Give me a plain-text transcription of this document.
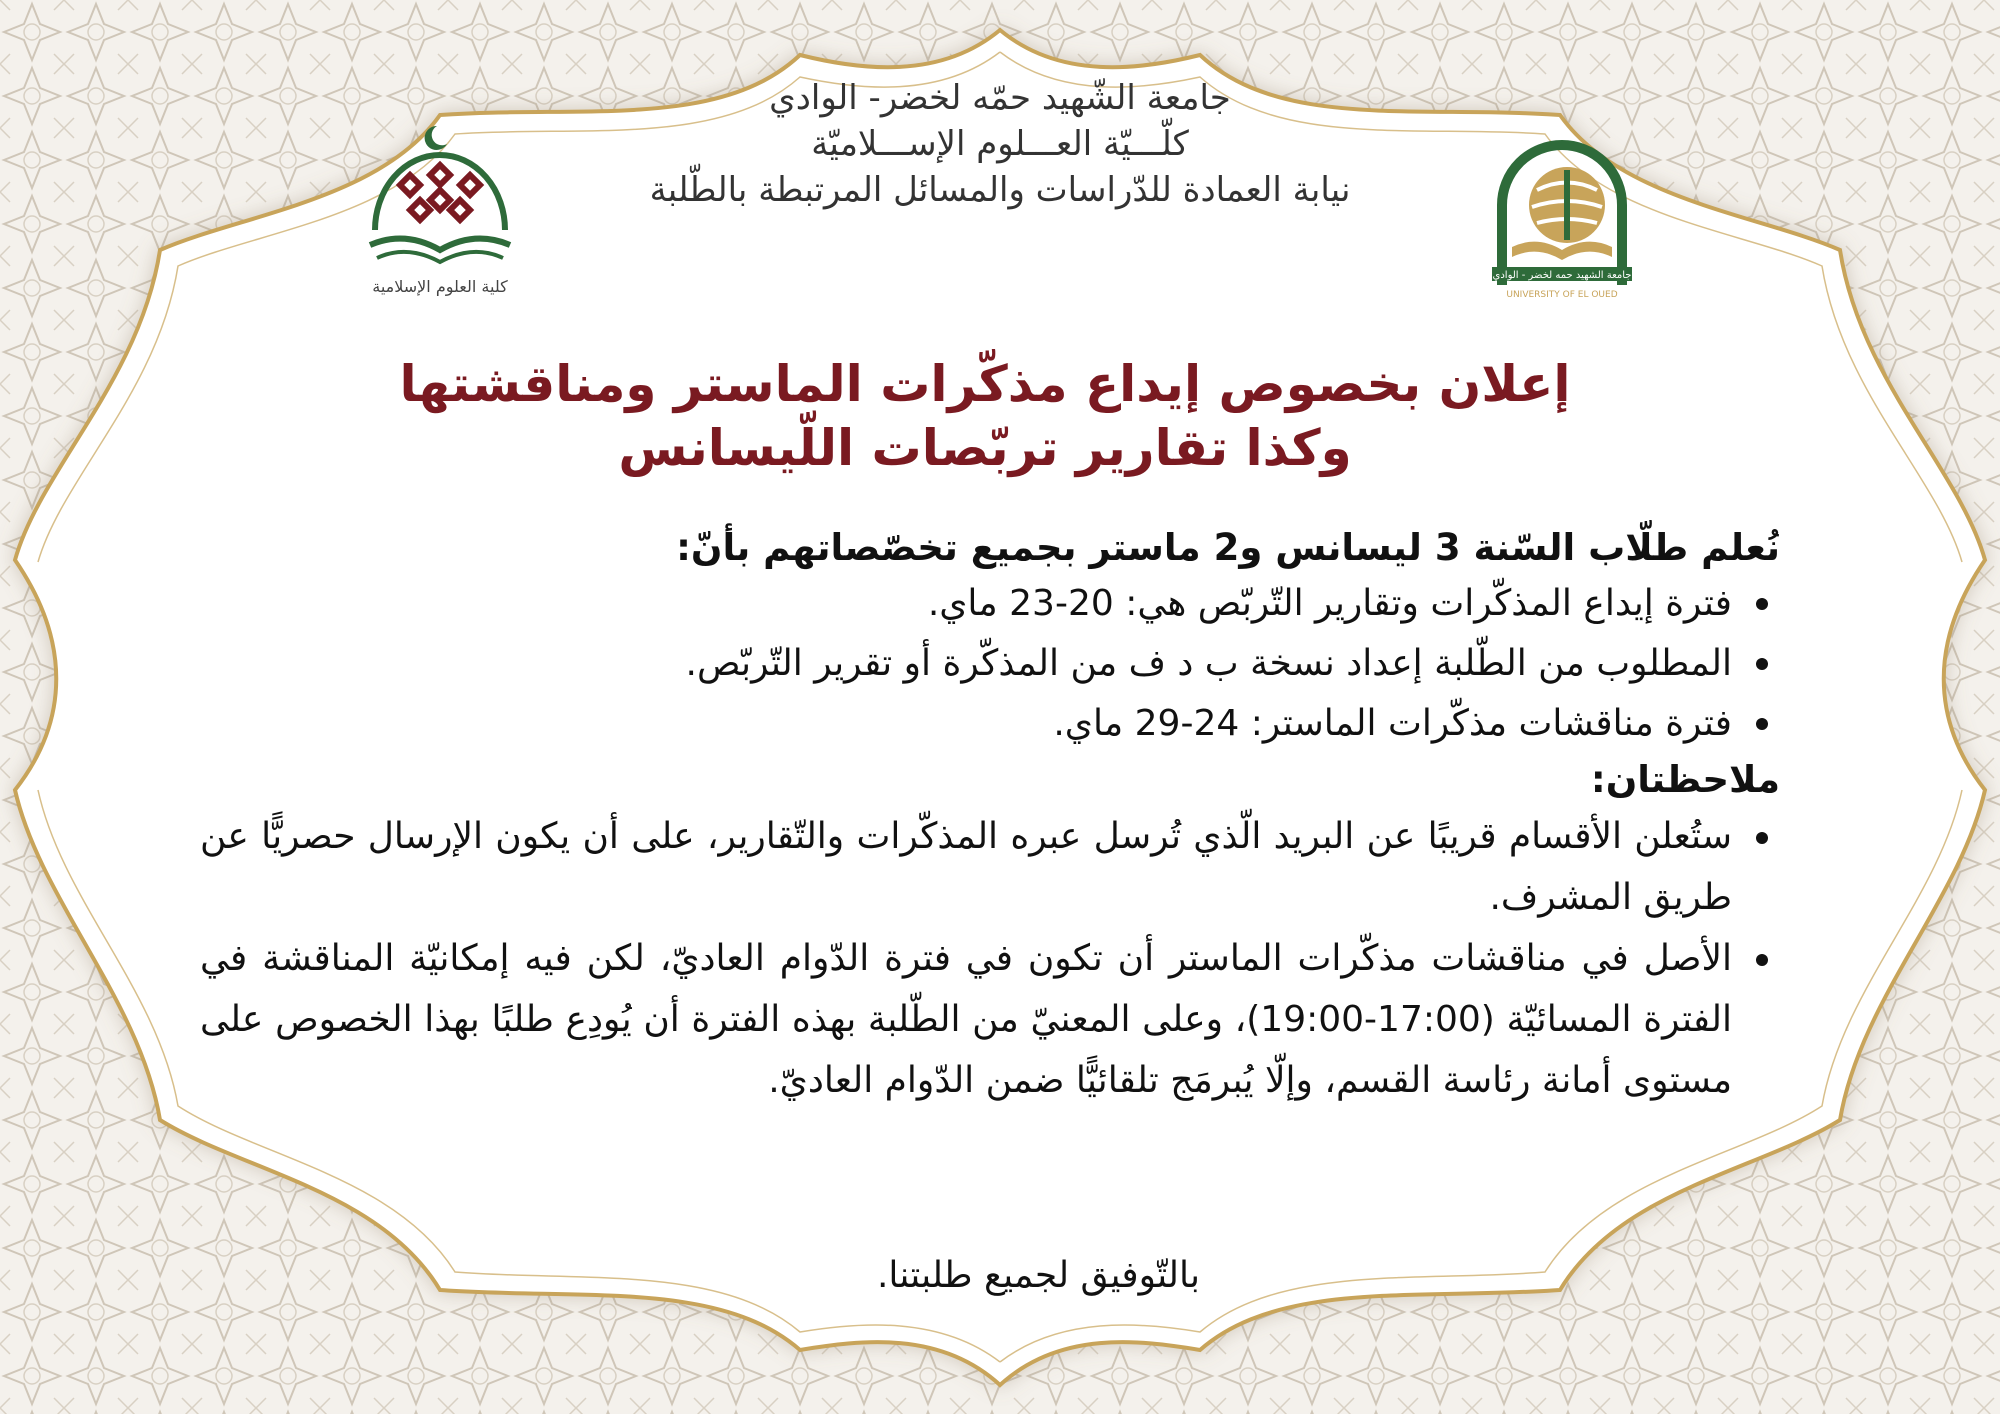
كلية العلوم الإسلامية
جامعة الشهيد حمه لخضر - الوادي
UNIVERSITY OF EL OUED
جامعة الشّهيد حمّه لخضر- الوادي
كلّـــيّة العـــلوم الإســـلاميّة
نيابة العمادة للدّراسات والمسائل المرتبطة بالطّلبة
إعلان بخصوص إيداع مذكّرات الماستر ومناقشتها
وكذا تقارير تربّصات اللّيسانس
نُعلم طلّاب السّنة 3 ليسانس و2 ماستر بجميع تخصّصاتهم بأنّ:
فترة إيداع المذكّرات وتقارير التّربّص هي: 20-23 ماي.
المطلوب من الطّلبة إعداد نسخة ب د ف من المذكّرة أو تقرير التّربّص.
فترة مناقشات مذكّرات الماستر: 24-29 ماي.
ملاحظتان:
ستُعلن الأقسام قريبًا عن البريد الّذي تُرسل عبره المذكّرات والتّقارير، على أن يكون الإرسال حصريًّا عن طريق المشرف.
الأصل في مناقشات مذكّرات الماستر أن تكون في فترة الدّوام العاديّ، لكن فيه إمكانيّة المناقشة في الفترة المسائيّة (17:00-19:00)، وعلى المعنيّ من الطّلبة بهذه الفترة أن يُودِع طلبًا بهذا الخصوص على مستوى أمانة رئاسة القسم، وإلّا يُبرمَج تلقائيًّا ضمن الدّوام العاديّ.
بالتّوفيق لجميع طلبتنا.
